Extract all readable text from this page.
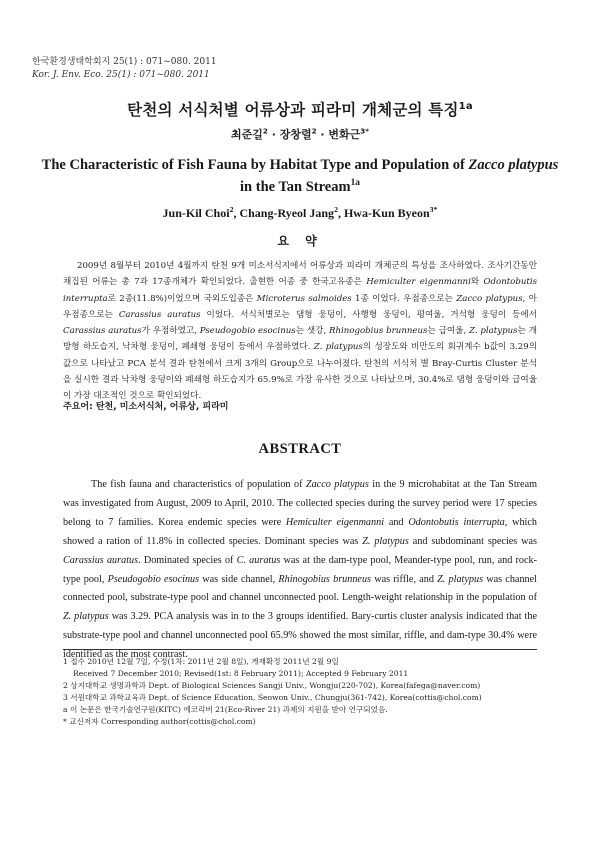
한국환경생태학회지 25(1) : 071~080. 2011
Kor. J. Env. Eco. 25(1) : 071~080. 2011
탄천의 서식처별 어류상과 피라미 개체군의 특징$^{1a}$
최준길$^2$ · 장창렬$^2$ · 변화근$^{3*}$
The Characteristic of Fish Fauna by Habitat Type and Population of Zacco platypus
in the Tan Stream$^{1a}$
Jun-Kil Choi$^2$, Chang-Ryeol Jang$^2$, Hwa-Kun Byeon$^{3*}$
요 약

2009년 8월부터 2010년 4월까지 탄천 9개 미소서식지에서 어류상과 피라미 개체군의 특성을 조사하였다. 조사기간동안 채집된 어류는 총 7과 17종개체가 확인되었다. 출현한 어종 중 한국고유종은 Hemiculter eigenmanni와 Odontobutis interrupta로 2종(11.8%)이었으며 국외도입종은 Microterus salmoides 1종 이었다. 우점종으로는 Zacco platypus, 아우점종으로는 Carassius auratus 이었다. 서식처별로는 댐형 웅덩이, 사행형 웅덩이, 평여울, 거석형 웅덩이 등에서 Carassius auratus가 우점하였고, Pseudogobio esocinus는 샛강, Rhinogobius brunneus는 급여울, Z. platypus는 개방형 하도습지, 낙차형 웅덩이, 폐쇄형 웅덩이 등에서 우점하였다. Z. platypus의 성장도와 비만도의 회귀계수 b값이 3.29의 값으로 나타났고 PCA 분석 결과 탄천에서 크게 3개의 Group으로 나누어졌다. 탄천의 서식처 별 Bray-Curtis Cluster 분석을 실시한 결과 낙차형 웅덩이와 폐쇄형 하도습지가 65.9%로 가장 유사한 것으로 나타났으며, 30.4%로 댐형 웅덩이와 급여울이 가장 대조적인 것으로 확인되었다.

주요어: 탄천, 미소서식처, 어류상, 피라미
ABSTRACT

The fish fauna and characteristics of population of Zacco platypus in the 9 microhabitat at the Tan Stream was investigated from August, 2009 to April, 2010. The collected species during the survey period were 17 species belong to 7 families. Korea endemic species were Hemiculter eigenmanni and Odontobutis interrupta, which showed a ration of 11.8% in collected species. Dominant species was Z. platypus and subdominant species was Carassius auratus. Dominated species of C. auratus was at the dam-type pool, Meander-type pool, run, and rock-type pool, Pseudogobio esocinus was side channel, Rhinogobius brunneus was riffle, and Z. platypus was channel connected pool, substrate-type pool and channel unconnected pool. Length-weight relationship in the population of Z. platypus was 3.29. PCA analysis was in to the 3 groups identified. Bary-curtis cluster analysis indicated that the substrate-type pool and channel unconnected pool 65.9% showed the most similar, riffle, and dam-type 30.4% were identified as the most contrast.

1 접수 2010년 12월 7일, 수정(1차: 2011년 2월 8일), 게재확정 2011년 2월 9일
Received 7 December 2010; Revised(1st: 8 February 2011); Accepted 9 February 2011
2 상지대학교 생명과학과 Dept. of Biological Sciences Sangji Univ., Wongju(220-702), Korea(fafega@naver.com)
3 서원대학교 과학교육과 Dept. of Science Education, Seowon Univ., Chungju(361-742), Korea(cottis@chol.com)
a 이 논문은 한국기술연구원(KITC) 에코리버 21(Eco-River 21) 과제의 지원을 받아 연구되었음.
* 교신저자 Corresponding author(cottis@chol.com)
